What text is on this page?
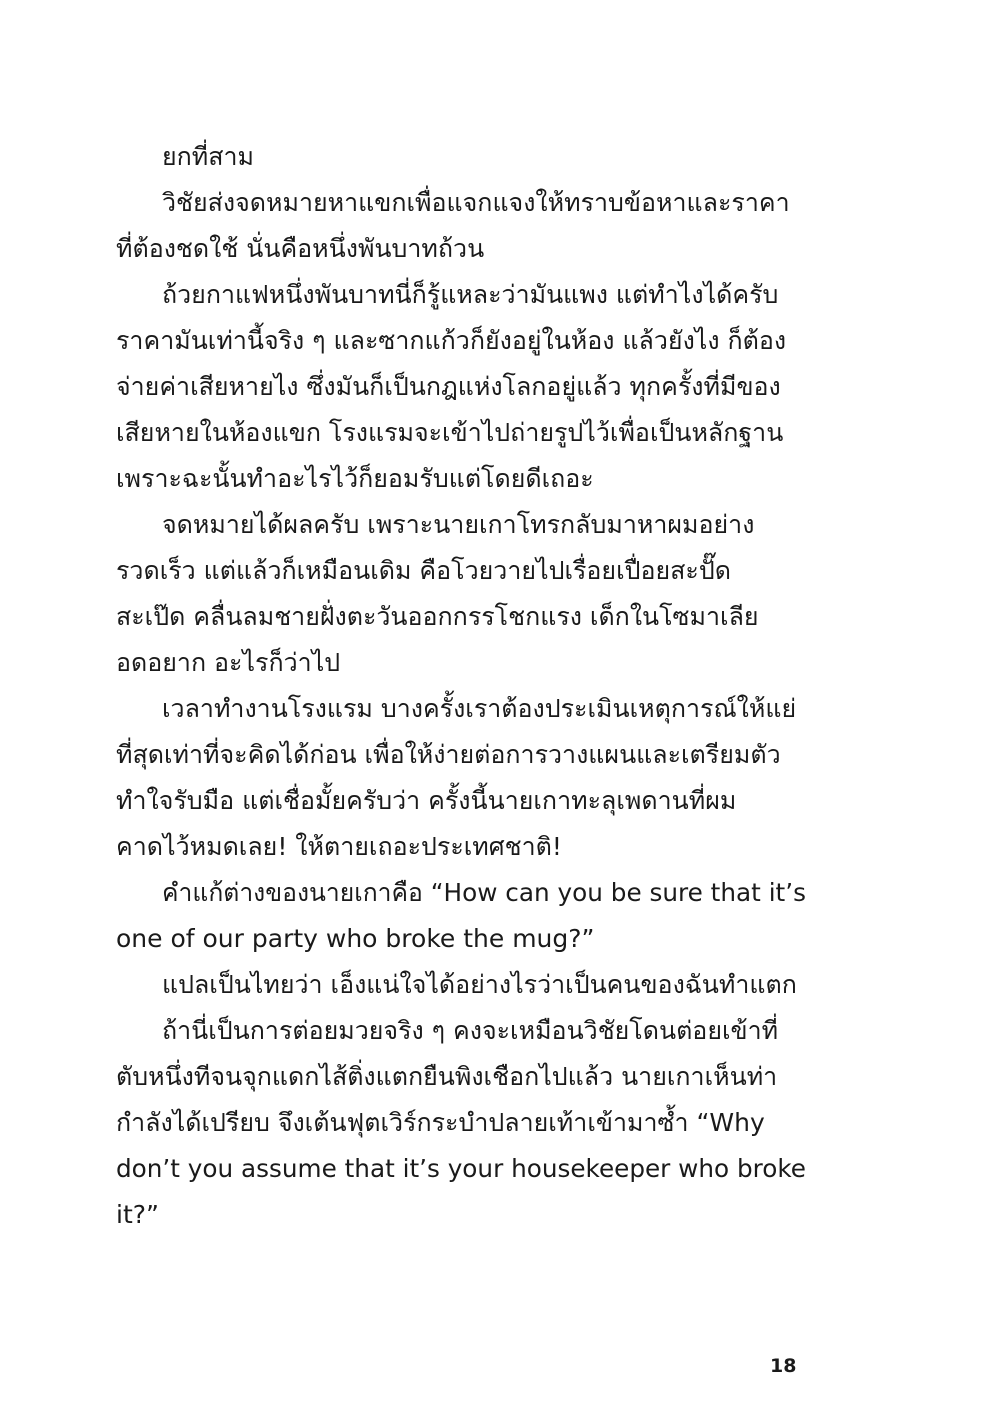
ยกที่สาม
วิชัยส่งจดหมายหาแขกเพื่อแจกแจงให้ทราบข้อหาและราคา
ที่ต้องชดใช้ นั่นคือหนึ่งพันบาทถ้วน
ถ้วยกาแฟหนึ่งพันบาทนี่ก็รู้แหละว่ามันแพง แต่ทำไงได้ครับ
ราคามันเท่านี้จริง ๆ และซากแก้วก็ยังอยู่ในห้อง แล้วยังไง ก็ต้อง
จ่ายค่าเสียหายไง ซึ่งมันก็เป็นกฎแห่งโลกอยู่แล้ว ทุกครั้งที่มีของ
เสียหายในห้องแขก โรงแรมจะเข้าไปถ่ายรูปไว้เพื่อเป็นหลักฐาน
เพราะฉะนั้นทำอะไรไว้ก็ยอมรับแต่โดยดีเถอะ
จดหมายได้ผลครับ เพราะนายเกาโทรกลับมาหาผมอย่าง
รวดเร็ว แต่แล้วก็เหมือนเดิม คือโวยวายไปเรื่อยเปื่อยสะปั๊ด
สะเป๊ด คลื่นลมชายฝั่งตะวันออกกรรโชกแรง เด็กในโซมาเลีย
อดอยาก อะไรก็ว่าไป
เวลาทำงานโรงแรม บางครั้งเราต้องประเมินเหตุการณ์ให้แย่
ที่สุดเท่าที่จะคิดได้ก่อน เพื่อให้ง่ายต่อการวางแผนและเตรียมตัว
ทำใจรับมือ แต่เชื่อมั้ยครับว่า ครั้งนี้นายเกาทะลุเพดานที่ผม
คาดไว้หมดเลย! ให้ตายเถอะประเทศชาติ!
คำแก้ต่างของนายเกาคือ “How can you be sure that it’s
one of our party who broke the mug?”
แปลเป็นไทยว่า เอ็งแน่ใจได้อย่างไรว่าเป็นคนของฉันทำแตก
ถ้านี่เป็นการต่อยมวยจริง ๆ คงจะเหมือนวิชัยโดนต่อยเข้าที่
ตับหนึ่งทีจนจุกแดกไส้ติ่งแตกยืนพิงเชือกไปแล้ว นายเกาเห็นท่า
กำลังได้เปรียบ จึงเต้นฟุตเวิร์กระบำปลายเท้าเข้ามาซ้ำ “Why
don’t you assume that it’s your housekeeper who broke
it?”
18
